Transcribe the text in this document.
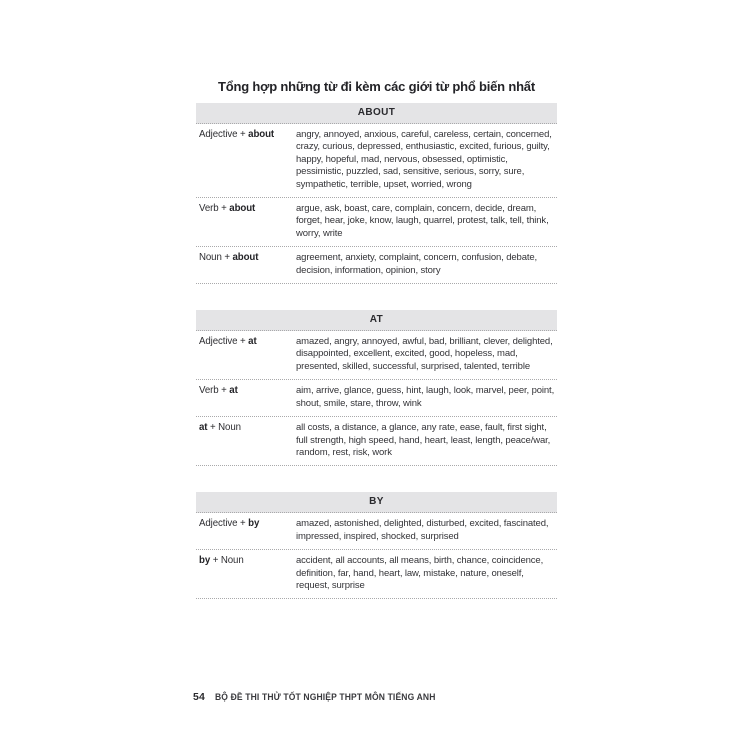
Tổng hợp những từ đi kèm các giới từ phổ biến nhất
ABOUT
Adjective + about	angry, annoyed, anxious, careful, careless, certain, concerned, crazy, curious, depressed, enthusiastic, excited, furious, guilty, happy, hopeful, mad, nervous, obsessed, optimistic, pessimistic, puzzled, sad, sensitive, serious, sorry, sure, sympathetic, terrible, upset, worried, wrong
Verb + about	argue, ask, boast, care, complain, concern, decide, dream, forget, hear, joke, know, laugh, quarrel, protest, talk, tell, think, worry, write
Noun + about	agreement, anxiety, complaint, concern, confusion, debate, decision, information, opinion, story
AT
Adjective + at	amazed, angry, annoyed, awful, bad, brilliant, clever, delighted, disappointed, excellent, excited, good, hopeless, mad, presented, skilled, successful, surprised, talented, terrible
Verb + at	aim, arrive, glance, guess, hint, laugh, look, marvel, peer, point, shout, smile, stare, throw, wink
at + Noun	all costs, a distance, a glance, any rate, ease, fault, first sight, full strength, high speed, hand, heart, least, length, peace/war, random, rest, risk, work
BY
Adjective + by	amazed, astonished, delighted, disturbed, excited, fascinated, impressed, inspired, shocked, surprised
by + Noun	accident, all accounts, all means, birth, chance, coincidence, definition, far, hand, heart, law, mistake, nature, oneself, request, surprise
54 BỘ ĐỀ THI THỬ TỐT NGHIỆP THPT MÔN TIẾNG ANH
